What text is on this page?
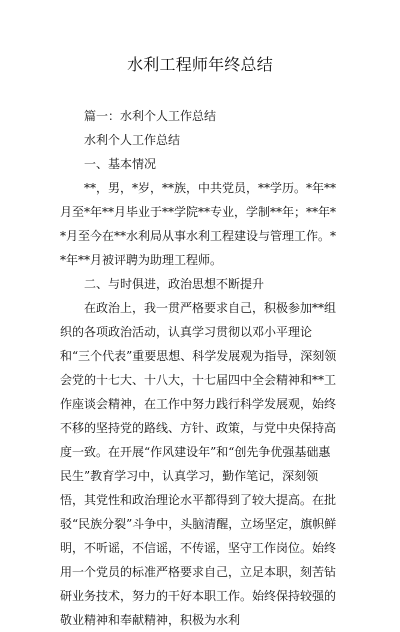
水利工程师年终总结

篇一：水利个人工作总结

水利个人工作总结

一、基本情况

**，男，*岁，**族，中共党员，**学历。*年**月至*年**月毕业于**学院**专业，学制**年；**年**月至今在**水利局从事水利工程建设与管理工作。**年**月被评聘为助理工程师。

二、与时俱进，政治思想不断提升

在政治上，我一贯严格要求自己，积极参加**组织的各项政治活动，认真学习贯彻以邓小平理论和“三个代表”重要思想、科学发展观为指导，深刻领会党的十七大、十八大，十七届四中全会精神和**工作座谈会精神，在工作中努力践行科学发展观，始终不移的坚持党的路线、方针、政策，与党中央保持高度一致。在开展“作风建设年”和“创先争优强基础惠民生”教育学习中，认真学习，勤作笔记，深刻领悟，其党性和政治理论水平都得到了较大提高。在批驳“民族分裂”斗争中，头脑清醒，立场坚定，旗帜鲜明，不听谣，不信谣，不传谣，坚守工作岗位。始终用一个党员的标准严格要求自己，立足本职，刻苦钻研业务技术，努力的干好本职工作。始终保持较强的敬业精神和奉献精神，积极为水利
